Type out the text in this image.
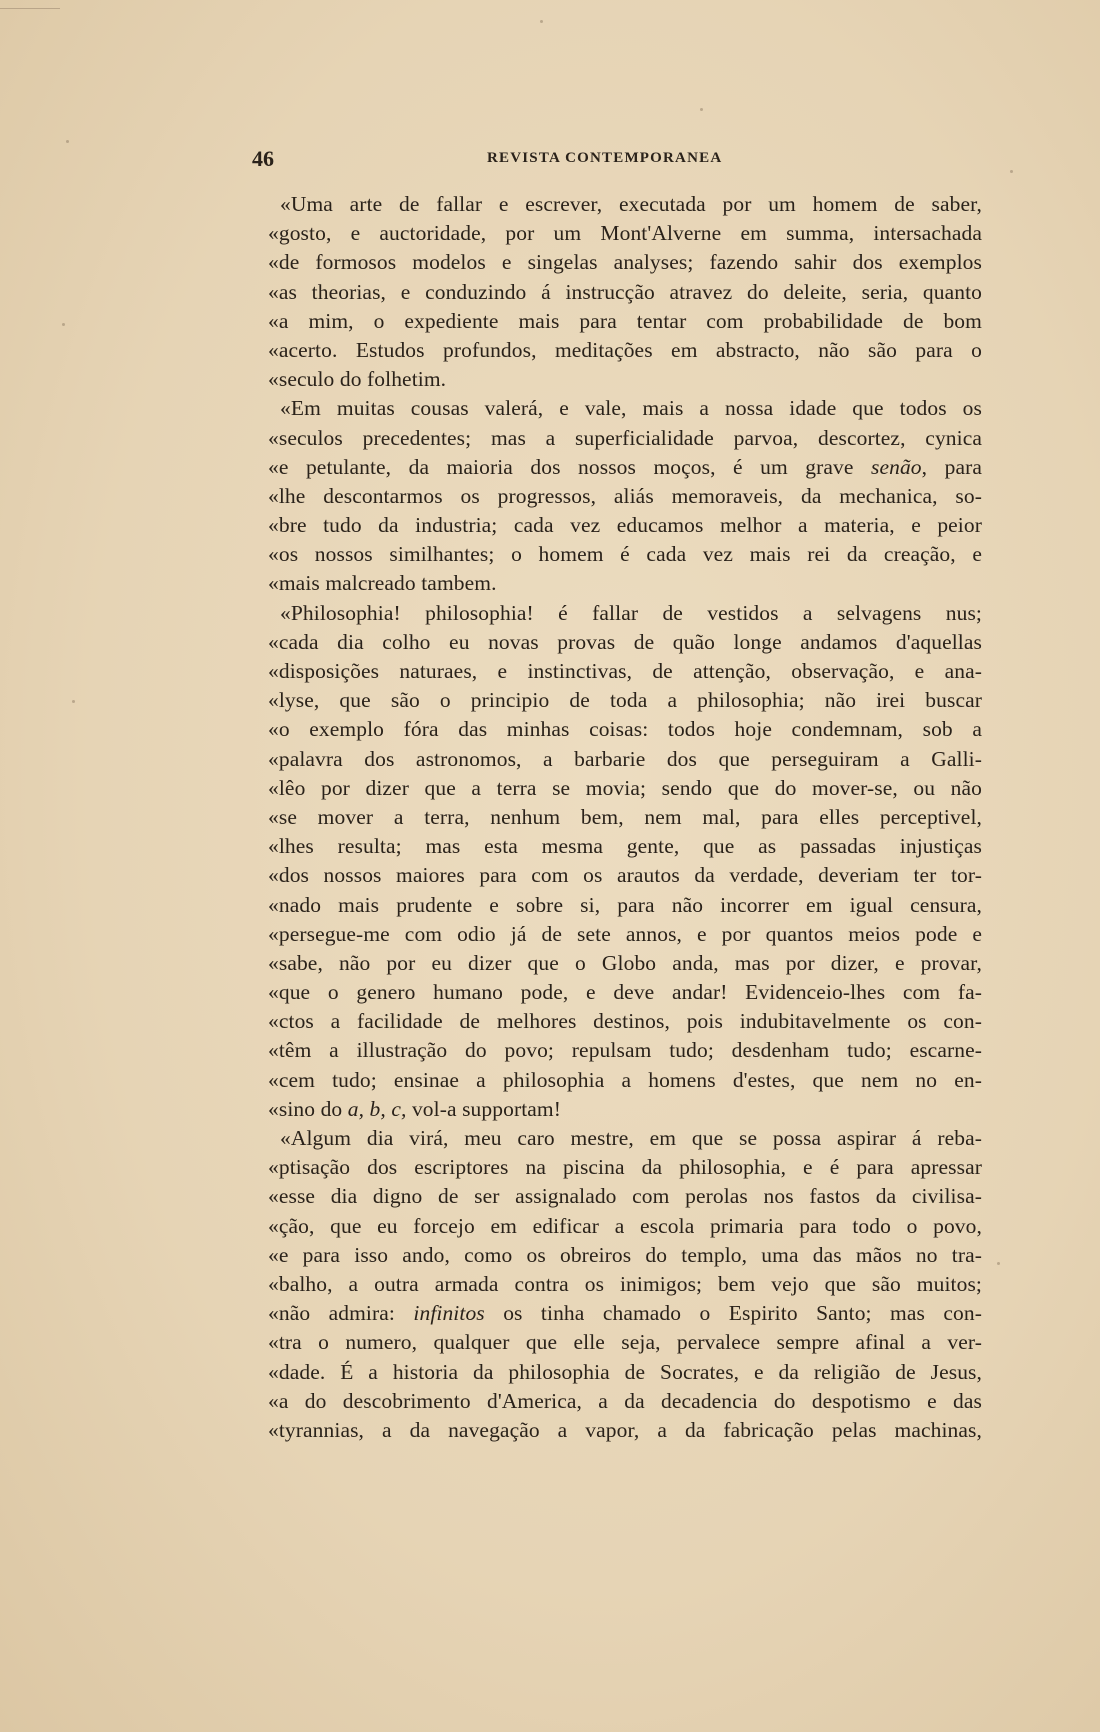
46	REVISTA CONTEMPORANEA
«Uma arte de fallar e escrever, executada por um homem de saber,
«gosto, e auctoridade, por um Mont'Alverne em summa, intersachada
«de formosos modelos e singelas analyses; fazendo sahir dos exemplos
«as theorias, e conduzindo á instrucção atravez do deleite, seria, quanto
«a mim, o expediente mais para tentar com probabilidade de bom
«acerto. Estudos profundos, meditações em abstracto, não são para o
«seculo do folhetim.
«Em muitas cousas valerá, e vale, mais a nossa idade que todos os
«seculos precedentes; mas a superficialidade parvoa, descortez, cynica
«e petulante, da maioria dos nossos moços, é um grave senão, para
«lhe descontarmos os progressos, aliás memoraveis, da mechanica, so-
«bre tudo da industria; cada vez educamos melhor a materia, e peior
«os nossos similhantes; o homem é cada vez mais rei da creação, e
«mais malcreado tambem.
«Philosophia! philosophia! é fallar de vestidos a selvagens nus;
«cada dia colho eu novas provas de quão longe andamos d'aquellas
«disposições naturaes, e instinctivas, de attenção, observação, e ana-
«lyse, que são o principio de toda a philosophia; não irei buscar
«o exemplo fóra das minhas coisas: todos hoje condemnam, sob a
«palavra dos astronomos, a barbarie dos que perseguiram a Galli-
«lêo por dizer que a terra se movia; sendo que do mover-se, ou não
«se mover a terra, nenhum bem, nem mal, para elles perceptivel,
«lhes resulta; mas esta mesma gente, que as passadas injustiças
«dos nossos maiores para com os arautos da verdade, deveriam ter tor-
«nado mais prudente e sobre si, para não incorrer em igual censura,
«persegue-me com odio já de sete annos, e por quantos meios pode e
«sabe, não por eu dizer que o Globo anda, mas por dizer, e provar,
«que o genero humano pode, e deve andar! Evidenceio-lhes com fa-
«ctos a facilidade de melhores destinos, pois indubitavelmente os con-
«têm a illustração do povo; repulsam tudo; desdenham tudo; escarne-
«cem tudo; ensinae a philosophia a homens d'estes, que nem no en-
«sino do a, b, c, vol-a supportam!
«Algum dia virá, meu caro mestre, em que se possa aspirar á reba-
«ptisação dos escriptores na piscina da philosophia, e é para apressar
«esse dia digno de ser assignalado com perolas nos fastos da civilisa-
«ção, que eu forcejo em edificar a escola primaria para todo o povo,
«e para isso ando, como os obreiros do templo, uma das mãos no tra-
«balho, a outra armada contra os inimigos; bem vejo que são muitos;
«não admira: infinitos os tinha chamado o Espirito Santo; mas con-
«tra o numero, qualquer que elle seja, pervalece sempre afinal a ver-
«dade. É a historia da philosophia de Socrates, e da religião de Jesus,
«a do descobrimento d'America, a da decadencia do despotismo e das
«tyrannias, a da navegação a vapor, a da fabricação pelas machinas,
